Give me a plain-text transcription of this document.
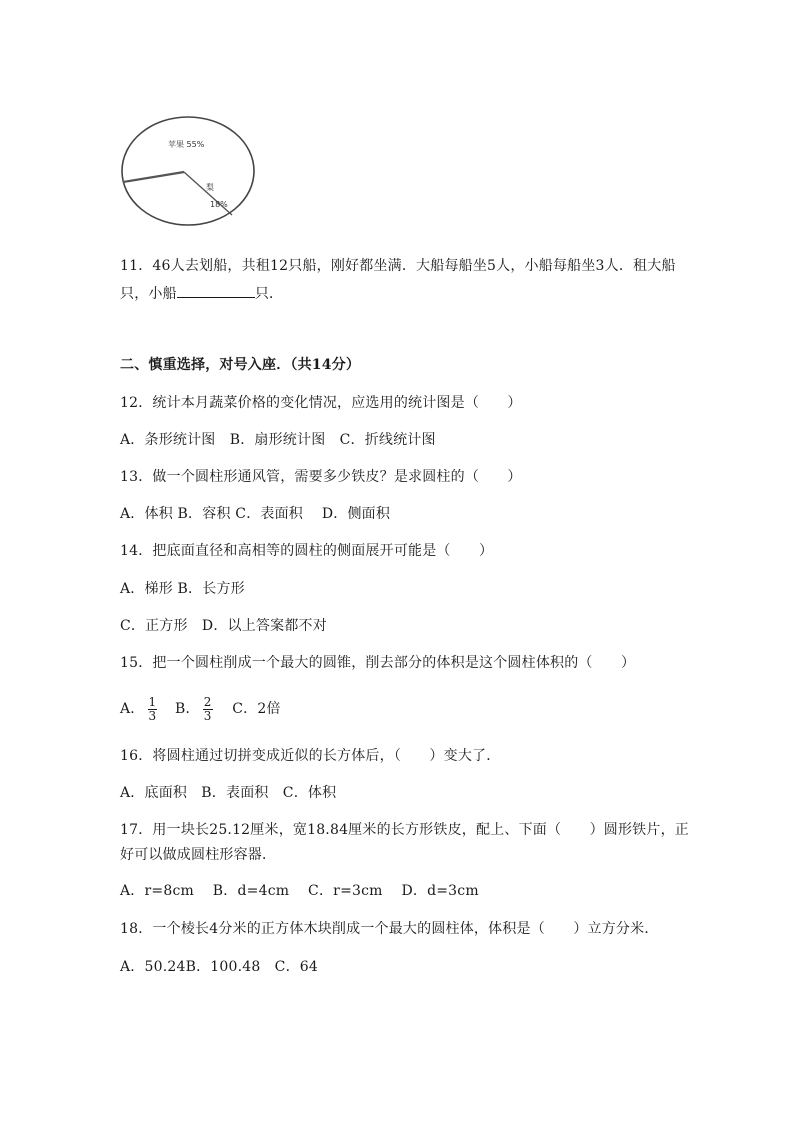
苹果 55%
梨
18%
11．46人去划船，共租12只船，刚好都坐满．大船每船坐5人，小船每船坐3人．租大船
只，小船	只．
二、慎重选择，对号入座．（共14分）
12．统计本月蔬菜价格的变化情况，应选用的统计图是（　　）
A．条形统计图　B．扇形统计图　C．折线统计图
13．做一个圆柱形通风管，需要多少铁皮？是求圆柱的（　　）
A．体积 B．容积 C．表面积　 D．侧面积
14．把底面直径和高相等的圆柱的侧面展开可能是（　　）
A．梯形 B．长方形
C．正方形　D．以上答案都不对
15．把一个圆柱削成一个最大的圆锥，削去部分的体积是这个圆柱体积的（　　）
A． $\frac{1}{3}$ B． $\frac{2}{3}$ C．2倍
16．将圆柱通过切拼变成近似的长方体后，（　　）变大了．
A．底面积　B．表面积　C．体积
17．用一块长25.12厘米，宽18.84厘米的长方形铁皮，配上、下面（　　）圆形铁片，正
好可以做成圆柱形容器．
A．r=8cm　 B．d=4cm　 C．r=3cm　 D．d=3cm
18．一个棱长4分米的正方体木块削成一个最大的圆柱体，体积是（　　）立方分米．
A．50.24B．100.48　C．64
